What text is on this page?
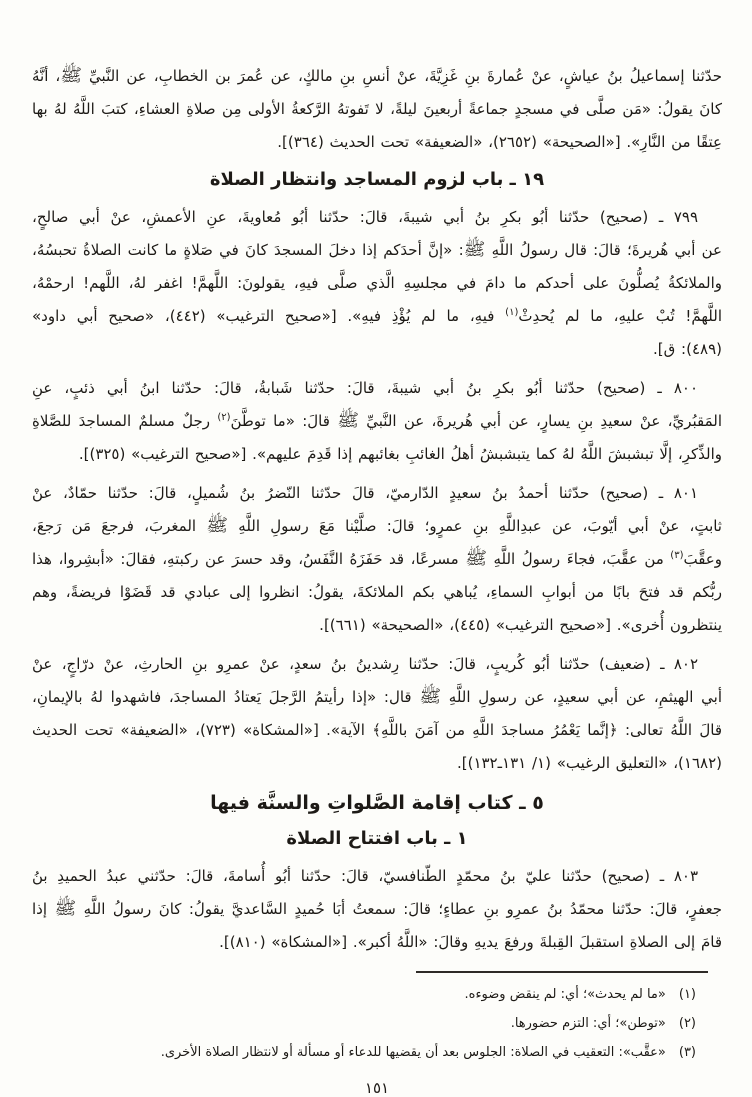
حدّثنا إسماعيلُ بنُ عياشٍ، عنْ عُمارةَ بنِ غَزِيَّةَ، عنْ أنسِ بنِ مالكٍ، عن عُمرَ بن الخطابِ، عن النَّبيِّ ﷺ، أنَّهُ
كانَ يقولُ: «مَن صلَّى في مسجدٍ جماعةً أربعينَ ليلةً، لا تَفوتهُ الرَّكعةُ الأولى مِن صلاةِ العشاءِ، كتبَ اللَّهُ لهُ بها
عِتقًا من النَّارِ». [«الصحيحة» (٢٦٥٢)، «الضعيفة» تحت الحديث (٣٦٤)].
١٩ ـ باب لزوم المساجد وانتظار الصلاة
٧٩٩ ـ (صحيح) حدّثنا أبُو بكرِ بنُ أبي شيبةَ، قالَ: حدّثنا أبُو مُعاويةَ، عنِ الأعمشِ، عنْ أبي صالحٍ،
عن أبي هُريرةَ؛ قالَ: قال رسولُ اللَّهِ ﷺ: «إنَّ أحدَكم إذا دخلَ المسجدَ كانَ في صَلاةٍ ما كانت الصلاةُ تحبسُهُ،
والملائكةُ يُصلُّونَ على أحدكم ما دامَ في مجلسِهِ الَّذي صلَّى فيهِ، يقولونَ: اللَّهمَّ! اغفر لهُ، اللَّهم! ارحمْهُ،
اللَّهمَّ! تُبْ عليهِ، ما لم يُحدِثْ$^{(١)}$ فيهِ، ما لم يُؤْذِ فيهِ». [«صحيح الترغيب» (٤٤٢)، «صحيح أبي داود»
(٤٨٩): ق].
٨٠٠ ـ (صحيح) حدّثنا أبُو بكرِ بنُ أبي شيبةَ، قالَ: حدّثنا شَبابةُ، قالَ: حدّثنا ابنُ أبي ذئبٍ، عنِ
المَقبُريِّ، عنْ سعيدِ بنِ يسارٍ، عن أبي هُريرةَ، عن النَّبيِّ ﷺ قالَ: «ما توطَّنَ$^{(٢)}$ رجلٌ مسلمٌ المساجدَ للصَّلاةِ
والذِّكرِ، إلَّا تبشبشَ اللَّهُ لهُ كما يتبشبشُ أهلُ الغائبِ بغائبهم إذا قَدِمَ عليهم». [«صحيح الترغيب» (٣٢٥)].
٨٠١ ـ (صحيح) حدّثنا أحمدُ بنُ سعيدٍ الدّارميّ، قالَ حدّثنا النّضرُ بنُ شُميلٍ، قالَ: حدّثنا حمّادٌ، عنْ
ثابتٍ، عنْ أبي أيّوبَ، عن عبدِاللَّهِ بنِ عمرٍو؛ قالَ: صلَّيْنا مَعَ رسولِ اللَّهِ ﷺ المغربَ، فرجعَ مَن رَجعَ،
وعقَّبَ$^{(٣)}$ من عقَّبَ، فجاءَ رسولُ اللَّهِ ﷺ مسرعًا، قد حَفَزَهُ النَّفَسُ، وقد حسرَ عن ركبتهِ، فقالَ: «أبشِروا، هذا
ربُّكم قد فتحَ بابًا من أبوابِ السماءِ، يُباهي بكم الملائكةَ، يقولُ: انظروا إلى عبادي قد قَضَوْا فريضةً، وهم
ينتظرون أُخرى». [«صحيح الترغيب» (٤٤٥)، «الصحيحة» (٦٦١)].
٨٠٢ ـ (ضعيف) حدّثنا أبُو كُريبٍ، قالَ: حدّثنا رِشدينُ بنُ سعدٍ، عنْ عمرِو بنِ الحارثِ، عنْ درّاجٍ، عنْ
أبي الهيثمِ، عن أبي سعيدٍ، عن رسولِ اللَّهِ ﷺ قال: «إذا رأيتمُ الرَّجلَ يَعتادُ المساجدَ، فاشهدوا لهُ بالإيمانِ،
قالَ اللَّهُ تعالى: ﴿إنَّما يَعْمُرُ مساجدَ اللَّهِ من آمَنَ باللَّهِ﴾ الآية». [«المشكاة» (٧٢٣)، «الضعيفة» تحت الحديث
(١٦٨٢)، «التعليق الرغيب» (١/ ١٣١ـ١٣٢)].
٥ ـ كتاب إقامة الصَّلواتِ والسنَّة فيها
١ ـ باب افتتاح الصلاة
٨٠٣ ـ (صحيح) حدّثنا عليّ بنُ محمّدٍ الطّنافسيّ، قالَ: حدّثنا أبُو أُسامةَ، قالَ: حدّثني عبدُ الحميدِ بنُ
جعفرٍ، قالَ: حدّثنا محمّدُ بنُ عمرِو بنِ عطاءٍ؛ قالَ: سمعتُ أبَا حُميدٍ السَّاعديَّ يقولُ: كانَ رسولُ اللَّهِ ﷺ إذا
قامَ إلى الصلاةِ استقبلَ القِبلةَ ورفعَ يديهِ وقالَ: «اللَّهُ أكبر». [«المشكاة» (٨١٠)].
(١)
«ما لم يحدث»؛ أي: لم ينقض وضوءه.
(٢)
«توطن»؛ أي: التزم حضورها.
(٣)
«عقَّب»: التعقيب في الصلاة: الجلوس بعد أن يقضيها للدعاء أو مسألة أو لانتظار الصلاة الأخرى.
١٥١
